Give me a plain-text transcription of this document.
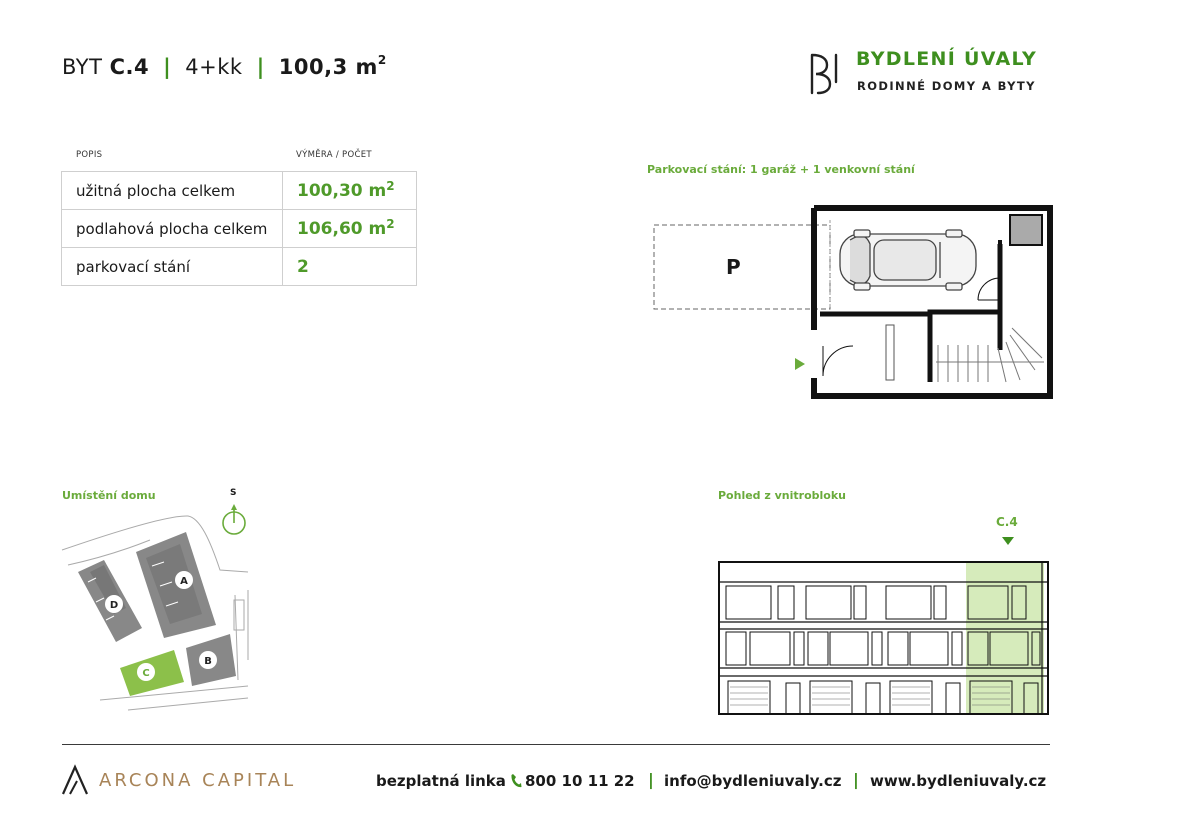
BYT C.4 | 4+kk | 100,3 $m^2$	BYDLENÍ ÚVALY
RODINNÉ DOMY A BYTY
POPIS	VÝMĚRA / POČET
užitná plocha celkem	100,30 $m^2$
podlahová plocha celkem	106,60 $m^2$
parkovací stání	2
Parkovací stání: 1 garáž + 1 venkovní stání
P
Umístění domu	S
A
B
C
D
Pohled z vnitrobloku
C.4
ARCONA CAPITAL	bezplatná linka 800 10 11 22 | info@bydleniuvaly.cz | www.bydleniuvaly.cz
